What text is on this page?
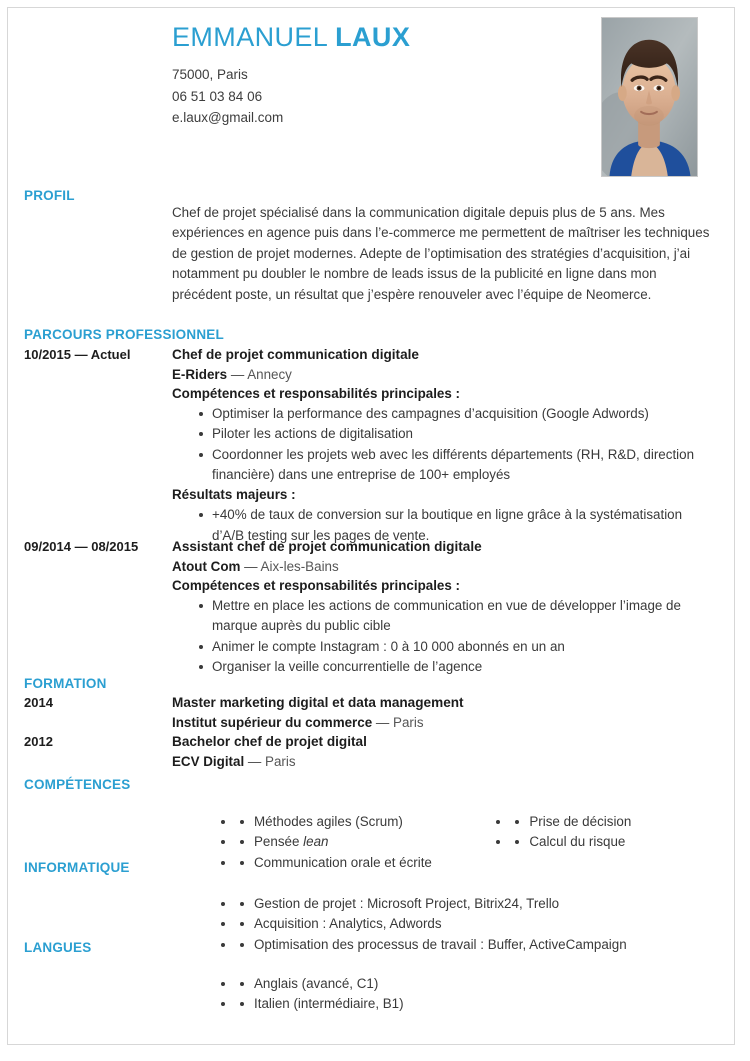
EMMANUEL LAUX
75000, Paris
06 51 03 84 06
e.laux@gmail.com
PROFIL
Chef de projet spécialisé dans la communication digitale depuis plus de 5 ans. Mes expériences en agence puis dans l’e-commerce me permettent de maîtriser les techniques de gestion de projet modernes. Adepte de l’optimisation des stratégies d’acquisition, j’ai notamment pu doubler le nombre de leads issus de la publicité en ligne dans mon précédent poste, un résultat que j’espère renouveler avec l’équipe de Neomerce.
PARCOURS PROFESSIONNEL
10/2015 — Actuel	Chef de projet communication digitale
E-Riders — Annecy
Compétences et responsabilités principales :
Optimiser la performance des campagnes d’acquisition (Google Adwords)
Piloter les actions de digitalisation
Coordonner les projets web avec les différents départements (RH, R&D, direction financière) dans une entreprise de 100+ employés
Résultats majeurs :
+40% de taux de conversion sur la boutique en ligne grâce à la systématisation d’A/B testing sur les pages de vente.
09/2014 — 08/2015	Assistant chef de projet communication digitale
Atout Com — Aix-les-Bains
Compétences et responsabilités principales :
Mettre en place les actions de communication en vue de développer l’image de marque auprès du public cible
Animer le compte Instagram : 0 à 10 000 abonnés en un an
Organiser la veille concurrentielle de l’agence
FORMATION
2014	Master marketing digital et data management
Institut supérieur du commerce — Paris
2012	Bachelor chef de projet digital
ECV Digital — Paris
COMPÉTENCES
• Méthodes agiles (Scrum)
• Pensée lean
• Communication orale et écrite
• Prise de décision
• Calcul du risque
INFORMATIQUE
• Gestion de projet : Microsoft Project, Bitrix24, Trello
• Acquisition : Analytics, Adwords
• Optimisation des processus de travail : Buffer, ActiveCampaign
LANGUES
• Anglais (avancé, C1)
• Italien (intermédiaire, B1)
